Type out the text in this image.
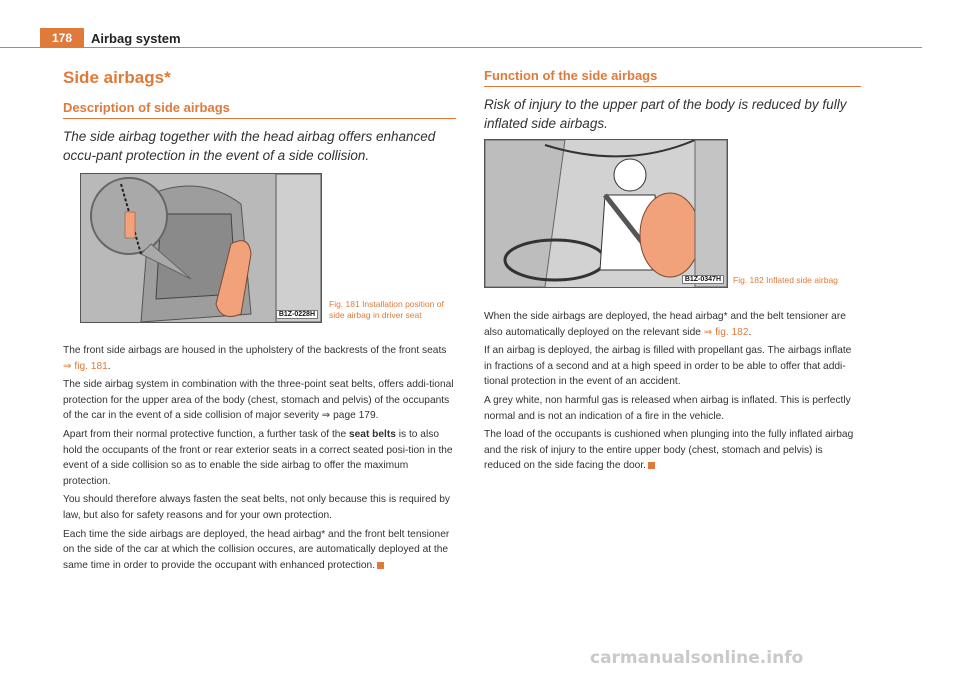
178	Airbag system
Side airbags*
Description of side airbags

The side airbag together with the head airbag offers enhanced occu-pant protection in the event of a side collision.

B1Z-0228H
Fig. 181 Installation position of side airbag in driver seat

The front side airbags are housed in the upholstery of the backrests of the front seats ⇒ fig. 181.

The side airbag system in combination with the three-point seat belts, offers addi-tional protection for the upper area of the body (chest, stomach and pelvis) of the occupants of the car in the event of a side collision of major severity ⇒ page 179.

Apart from their normal protective function, a further task of the seat belts is to also hold the occupants of the front or rear exterior seats in a correct seated posi-tion in the event of a side collision so as to enable the side airbag to offer the maximum protection.

You should therefore always fasten the seat belts, not only because this is required by law, but also for safety reasons and for your own protection.

Each time the side airbags are deployed, the head airbag* and the front belt tensioner on the side of the car at which the collision occures, are automatically deployed at the same time in order to provide the occupant with enhanced protection.

Function of the side airbags

Risk of injury to the upper part of the body is reduced by fully inflated side airbags.

B1Z-0347H	Fig. 182 Inflated side airbag

When the side airbags are deployed, the head airbag* and the belt tensioner are also automatically deployed on the relevant side ⇒ fig. 182.

If an airbag is deployed, the airbag is filled with propellant gas. The airbags inflate in fractions of a second and at a high speed in order to be able to offer that addi-tional protection in the event of an accident.

A grey white, non harmful gas is released when airbag is inflated. This is perfectly normal and is not an indication of a fire in the vehicle.

The load of the occupants is cushioned when plunging into the fully inflated airbag and the risk of injury to the entire upper body (chest, stomach and pelvis) is reduced on the side facing the door.

carmanualsonline.info
